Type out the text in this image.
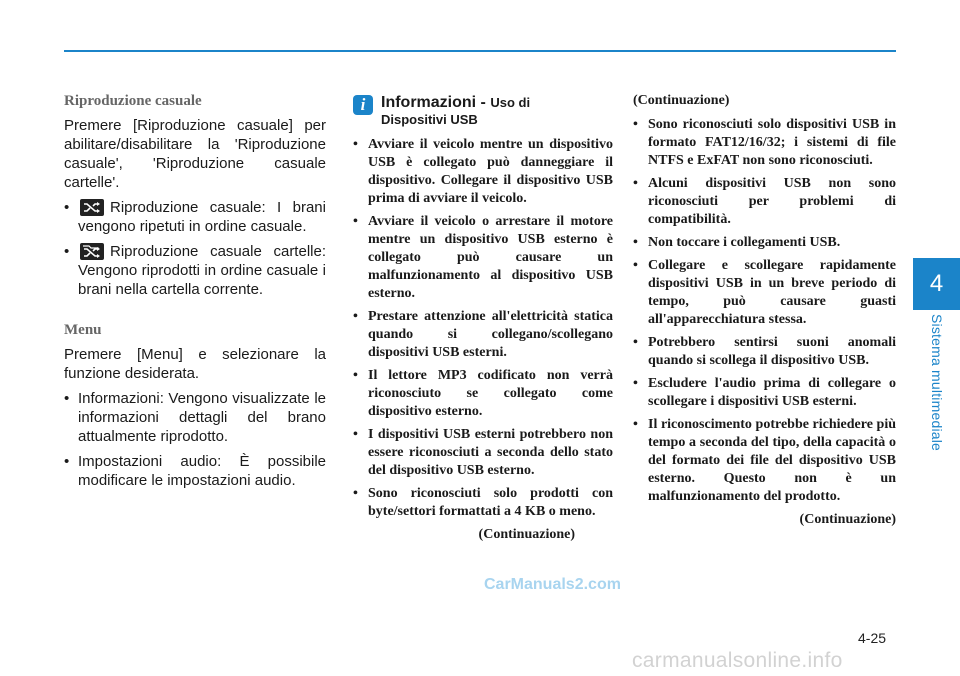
4
Sistema multimediale
Riproduzione casuale

Premere [Riproduzione casuale] per abilitare/disabilitare la 'Riproduzione casuale', 'Riproduzione casuale cartelle'.

• Riproduzione casuale: I brani vengono ripetuti in ordine casuale.
• Riproduzione casuale cartelle: Vengono riprodotti in ordine casuale i brani nella cartella corrente.
Menu

Premere [Menu] e selezionare la funzione desiderata.

• Informazioni: Vengono visualizzate le informazioni dettagli del brano attualmente riprodotto.
• Impostazioni audio: È possibile modificare le impostazioni audio.
i Informazioni - Uso di
Dispositivi USB
• Avviare il veicolo mentre un dispositivo USB è collegato può danneggiare il dispositivo. Collegare il dispositivo USB prima di avviare il veicolo.
• Avviare il veicolo o arrestare il motore mentre un dispositivo USB esterno è collegato può causare un malfunzionamento al dispositivo USB esterno.
• Prestare attenzione all'elettricità statica quando si collegano/scollegano dispositivi USB esterni.
• Il lettore MP3 codificato non verrà riconosciuto se collegato come dispositivo esterno.
• I dispositivi USB esterni potrebbero non essere riconosciuti a seconda dello stato del dispositivo USB esterno.
• Sono riconosciuti solo prodotti con byte/settori formattati a 4 KB o meno.
(Continuazione)
(Continuazione)
• Sono riconosciuti solo dispositivi USB in formato FAT12/16/32; i sistemi di file NTFS e ExFAT non sono riconosciuti.
• Alcuni dispositivi USB non sono riconosciuti per problemi di compatibilità.
• Non toccare i collegamenti USB.
• Collegare e scollegare rapidamente dispositivi USB in un breve periodo di tempo, può causare guasti all'apparecchiatura stessa.
• Potrebbero sentirsi suoni anomali quando si scollega il dispositivo USB.
• Escludere l'audio prima di collegare o scollegare i dispositivi USB esterni.
• Il riconoscimento potrebbe richiedere più tempo a seconda del tipo, della capacità o del formato dei file del dispositivo USB esterno. Questo non è un malfunzionamento del prodotto.
(Continuazione)
CarManuals2.com
4-25
carmanualsonline.info
